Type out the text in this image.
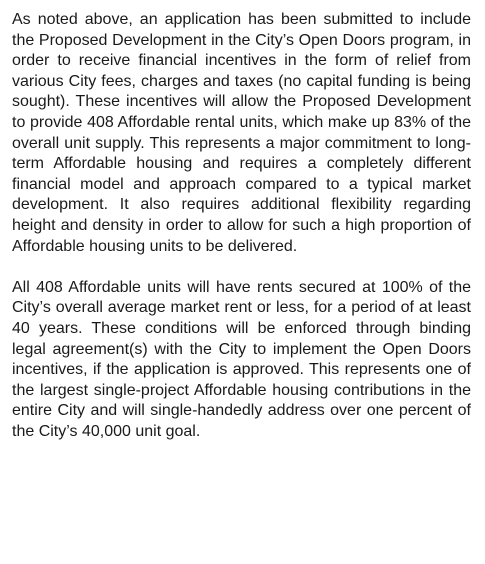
As noted above, an application has been submitted to include the Proposed Development in the City’s Open Doors program, in order to receive financial incentives in the form of relief from various City fees, charges and taxes (no capital funding is being sought). These incentives will allow the Proposed Development to provide 408 Affordable rental units, which make up 83% of the overall unit supply. This represents a major commitment to long-term Affordable housing and requires a completely different financial model and approach compared to a typical market development. It also requires additional flexibility regarding height and density in order to allow for such a high proportion of Affordable housing units to be delivered.

All 408 Affordable units will have rents secured at 100% of the City’s overall average market rent or less, for a period of at least 40 years. These conditions will be enforced through binding legal agreement(s) with the City to implement the Open Doors incentives, if the application is approved. This represents one of the largest single-project Affordable housing contributions in the entire City and will single-handedly address over one percent of the City’s 40,000 unit goal.
